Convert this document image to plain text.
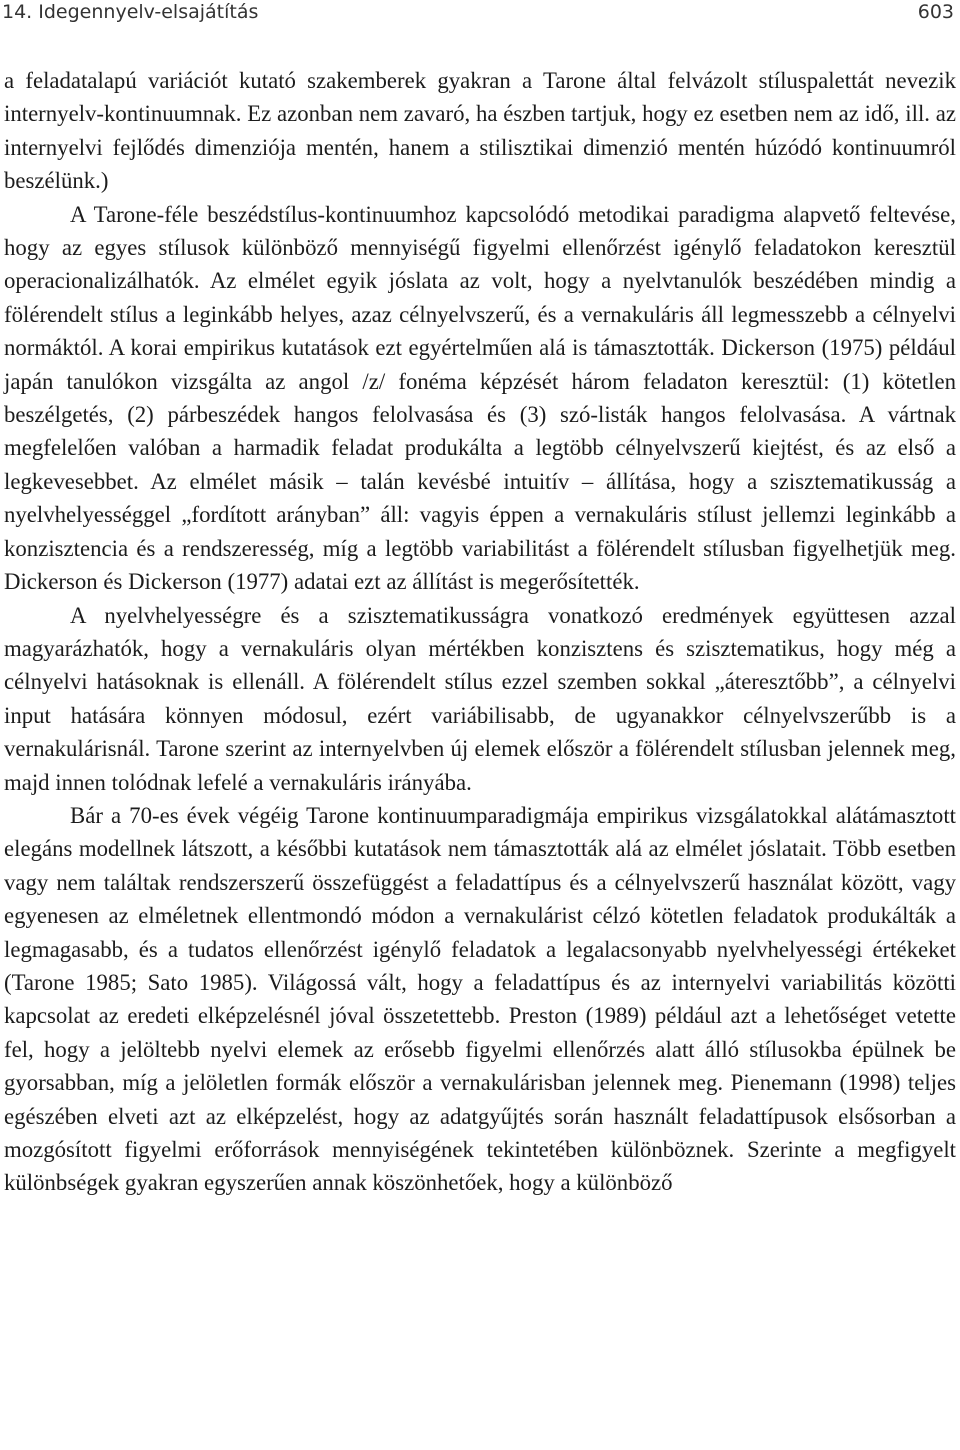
14. Idegennyelv-elsajátítás	603

a feladatalapú variációt kutató szakemberek gyakran a Tarone által felvázolt stíluspalettát nevezik internyelv-kontinuumnak. Ez azonban nem zavaró, ha észben tartjuk, hogy ez esetben nem az idő, ill. az internyelvi fejlődés dimenziója mentén, hanem a stilisztikai dimenzió mentén húzódó kontinuumról beszélünk.)

A Tarone-féle beszédstílus-kontinuumhoz kapcsolódó metodikai paradigma alapvető feltevése, hogy az egyes stílusok különböző mennyiségű figyelmi ellenőrzést igénylő feladatokon keresztül operacionalizálhatók. Az elmélet egyik jóslata az volt, hogy a nyelvtanulók beszédében mindig a fölérendelt stílus a leginkább helyes, azaz célnyelvszerű, és a vernakuláris áll legmesszebb a célnyelvi normáktól. A korai empirikus kutatások ezt egyértelműen alá is támasztották. Dickerson (1975) például japán tanulókon vizsgálta az angol /z/ fonéma képzését három feladaton keresztül: (1) kötetlen beszélgetés, (2) párbeszédek hangos felolvasása és (3) szó-listák hangos felolvasása. A vártnak megfelelően valóban a harmadik feladat produkálta a legtöbb célnyelvszerű kiejtést, és az első a legkevesebbet. Az elmélet másik – talán kevésbé intuitív – állítása, hogy a szisztematikusság a nyelvhelyességgel „fordított arányban” áll: vagyis éppen a vernakuláris stílust jellemzi leginkább a konzisztencia és a rendszeresség, míg a legtöbb variabilitást a fölérendelt stílusban figyelhetjük meg. Dickerson és Dickerson (1977) adatai ezt az állítást is megerősítették.

A nyelvhelyességre és a szisztematikusságra vonatkozó eredmények együttesen azzal magyarázhatók, hogy a vernakuláris olyan mértékben konzisztens és szisztematikus, hogy még a célnyelvi hatásoknak is ellenáll. A fölérendelt stílus ezzel szemben sokkal „áteresztőbb”, a célnyelvi input hatására könnyen módosul, ezért variábilisabb, de ugyanakkor célnyelvszerűbb is a vernakulárisnál. Tarone szerint az internyelvben új elemek először a fölérendelt stílusban jelennek meg, majd innen tolódnak lefelé a vernakuláris irányába.

Bár a 70-es évek végéig Tarone kontinuumparadigmája empirikus vizsgálatokkal alátámasztott elegáns modellnek látszott, a későbbi kutatások nem támasztották alá az elmélet jóslatait. Több esetben vagy nem találtak rendszerszerű összefüggést a feladattípus és a célnyelvszerű használat között, vagy egyenesen az elméletnek ellentmondó módon a vernakulárist célzó kötetlen feladatok produkálták a legmagasabb, és a tudatos ellenőrzést igénylő feladatok a legalacsonyabb nyelvhelyességi értékeket (Tarone 1985; Sato 1985). Világossá vált, hogy a feladattípus és az internyelvi variabilitás közötti kapcsolat az eredeti elképzelésnél jóval összetettebb. Preston (1989) például azt a lehetőséget vetette fel, hogy a jelöltebb nyelvi elemek az erősebb figyelmi ellenőrzés alatt álló stílusokba épülnek be gyorsabban, míg a jelöletlen formák először a vernakulárisban jelennek meg. Pienemann (1998) teljes egészében elveti azt az elképzelést, hogy az adatgyűjtés során használt feladattípusok elsősorban a mozgósított figyelmi erőforrások mennyiségének tekintetében különböznek. Szerinte a megfigyelt különbségek gyakran egyszerűen annak köszönhetőek, hogy a különböző
